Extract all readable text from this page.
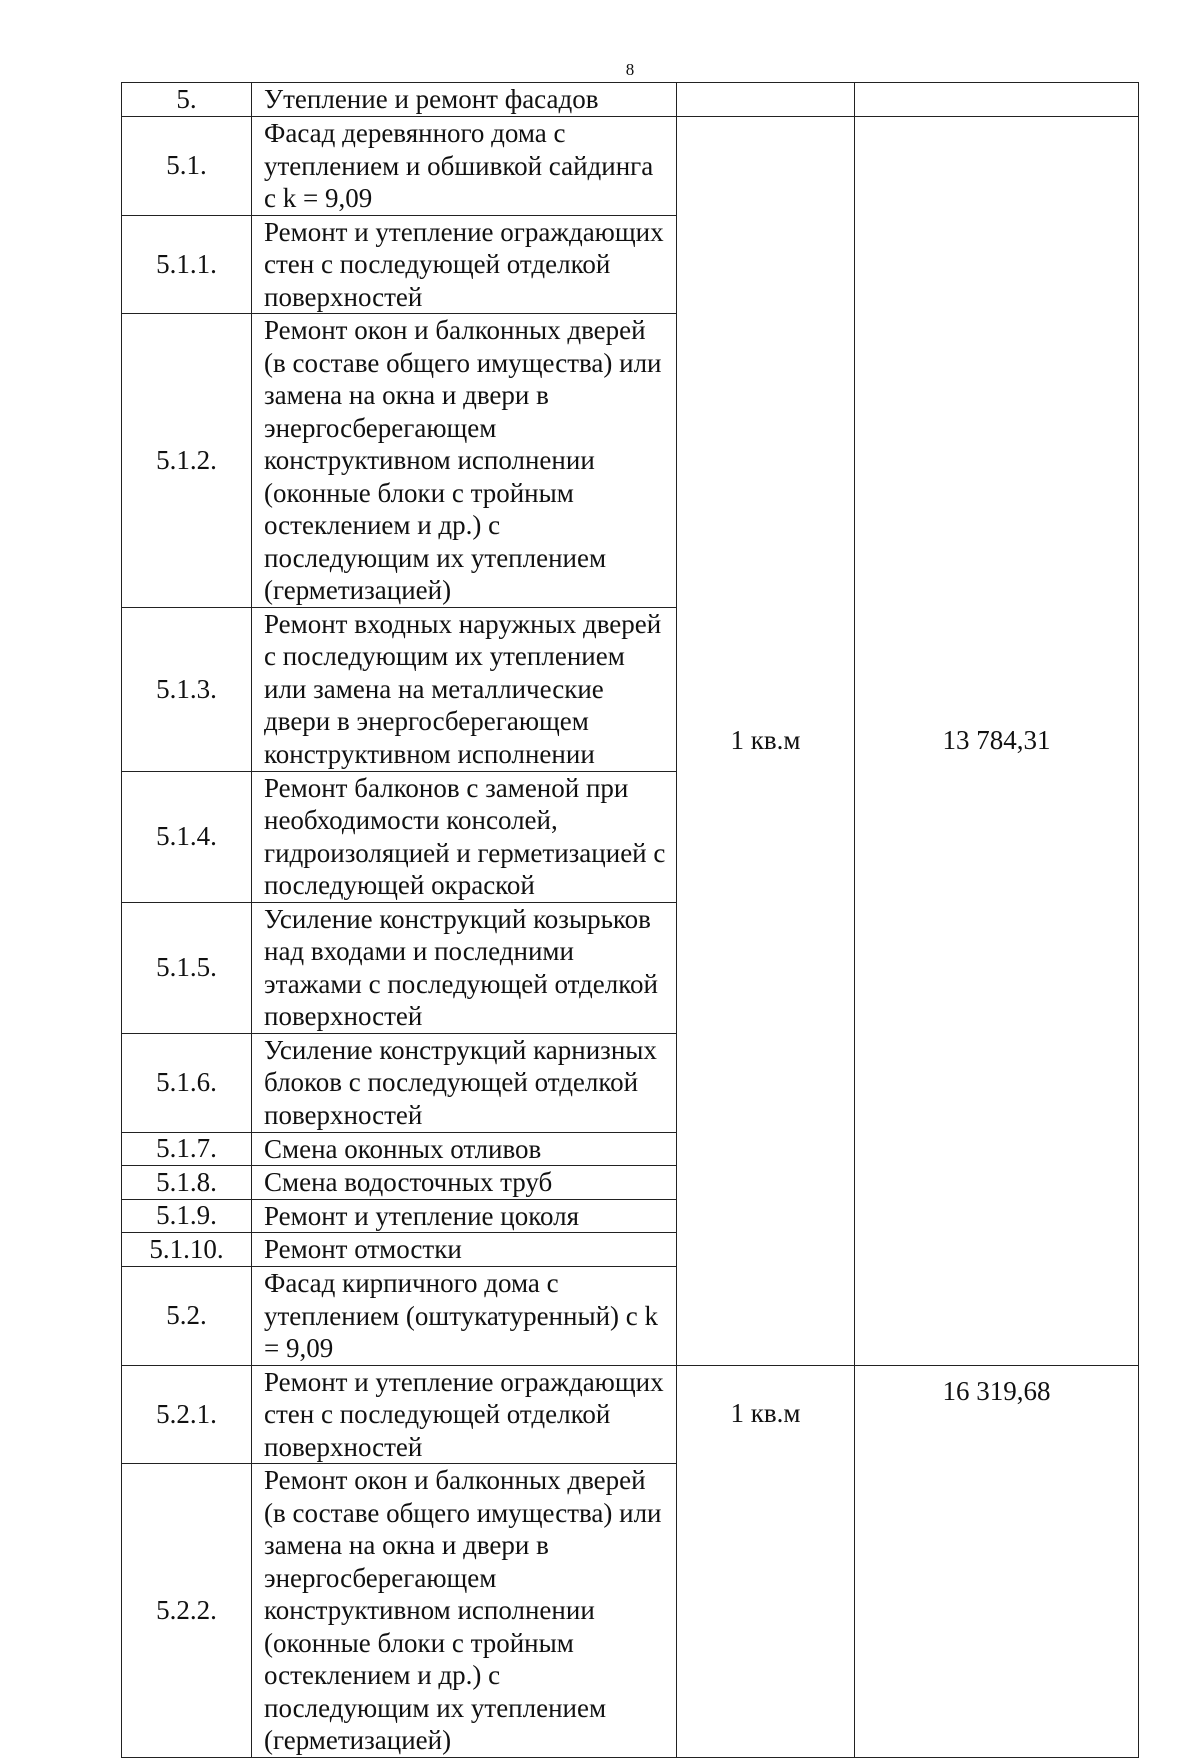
8
5.	Утепление и ремонт фасадов			

5.1.	Фасад деревянного дома с утеплением и обшивкой сайдинга с k = 9,09	1 кв.м	13 784,31	
5.1.1.	Ремонт и утепление ограждающих стен с последующей отделкой поверхностей			

5.1.2.	Ремонт окон и балконных дверей (в составе общего имущества) или замена на окна и двери в энергосберегающем конструктивном исполнении (оконные блоки с тройным остеклением и др.) с последующим их утеплением (герметизацией)			

5.1.3.	Ремонт входных наружных дверей с последующим их утеплением или замена на металлические двери в энергосберегающем конструктивном исполнении			

5.1.4.	Ремонт балконов с заменой при необходимости консолей, гидроизоляцией и герметизацией с последующей окраской			

5.1.5.	Усиление конструкций козырьков над входами и последними этажами с последующей отделкой поверхностей			

5.1.6.	Усиление конструкций карнизных блоков с последующей отделкой поверхностей			

5.1.7.	Смена оконных отливов			

5.1.8.	Смена водосточных труб			

5.1.9.	Ремонт и утепление цоколя			

5.1.10.	Ремонт отмостки			

5.2.	Фасад кирпичного дома с утеплением (оштукатуренный) с k = 9,09			

5.2.1.	Ремонт и утепление ограждающих стен с последующей отделкой поверхностей	1 кв.м	16 319,68	

5.2.2.	Ремонт окон и балконных дверей (в составе общего имущества) или замена на окна и двери в энергосберегающем конструктивном исполнении (оконные блоки с тройным остеклением и др.) с последующим их утеплением (герметизацией)			
